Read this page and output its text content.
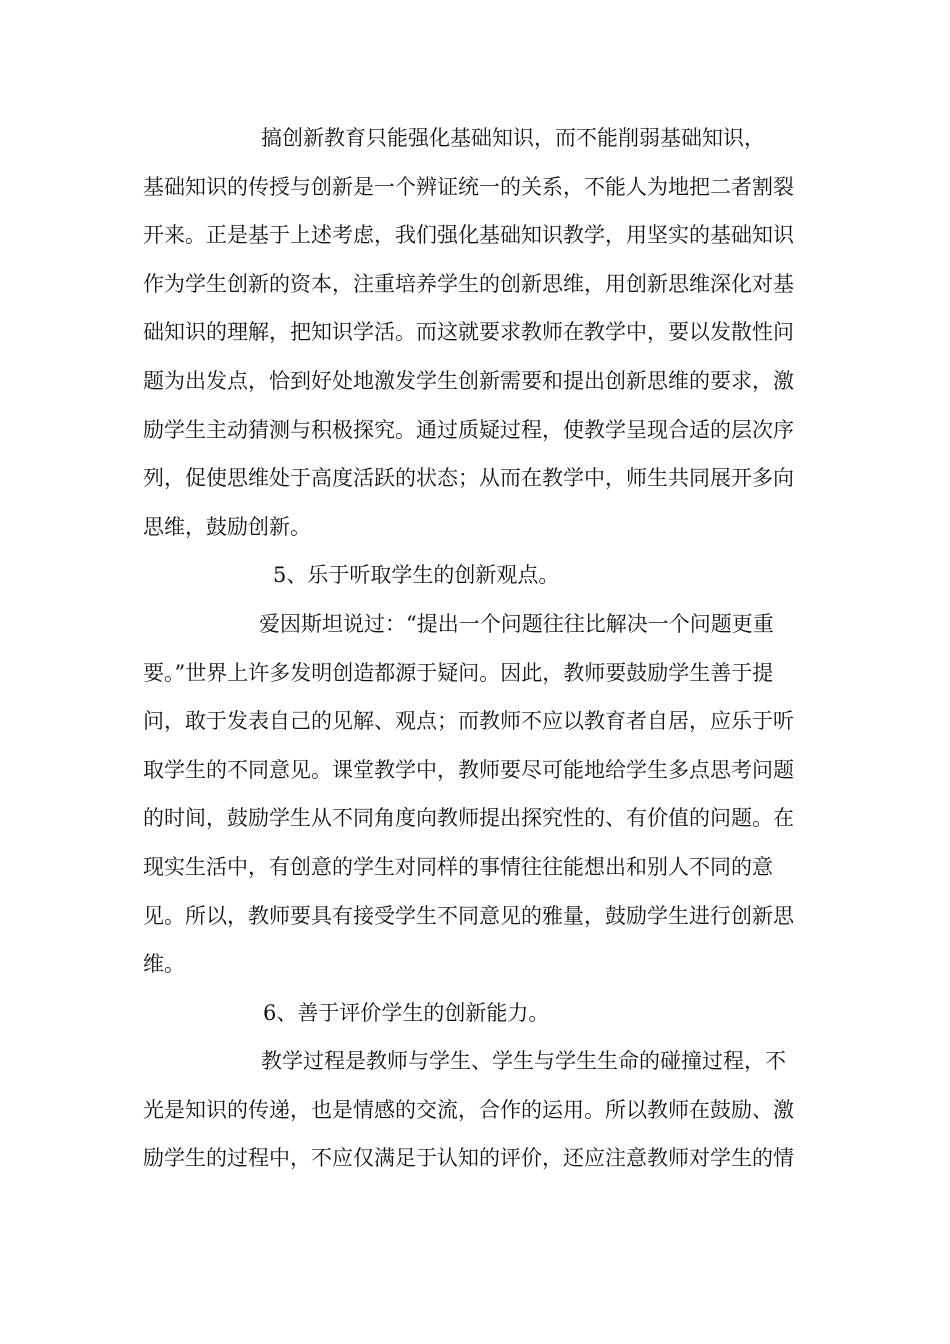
搞创新教育只能强化基础知识，而不能削弱基础知识，
基础知识的传授与创新是一个辨证统一的关系，不能人为地把二者割裂
开来。正是基于上述考虑，我们强化基础知识教学，用坚实的基础知识
作为学生创新的资本，注重培养学生的创新思维，用创新思维深化对基
础知识的理解，把知识学活。而这就要求教师在教学中，要以发散性问
题为出发点，恰到好处地激发学生创新需要和提出创新思维的要求，激
励学生主动猜测与积极探究。通过质疑过程，使教学呈现合适的层次序
列，促使思维处于高度活跃的状态；从而在教学中，师生共同展开多向
思维，鼓励创新。
5、乐于听取学生的创新观点。
爱因斯坦说过：“提出一个问题往往比解决一个问题更重
要。”世界上许多发明创造都源于疑问。因此，教师要鼓励学生善于提
问，敢于发表自己的见解、观点；而教师不应以教育者自居，应乐于听
取学生的不同意见。课堂教学中，教师要尽可能地给学生多点思考问题
的时间，鼓励学生从不同角度向教师提出探究性的、有价值的问题。在
现实生活中，有创意的学生对同样的事情往往能想出和别人不同的意
见。所以，教师要具有接受学生不同意见的雅量，鼓励学生进行创新思
维。
6、善于评价学生的创新能力。
教学过程是教师与学生、学生与学生生命的碰撞过程，不
光是知识的传递，也是情感的交流，合作的运用。所以教师在鼓励、激
励学生的过程中，不应仅满足于认知的评价，还应注意教师对学生的情
